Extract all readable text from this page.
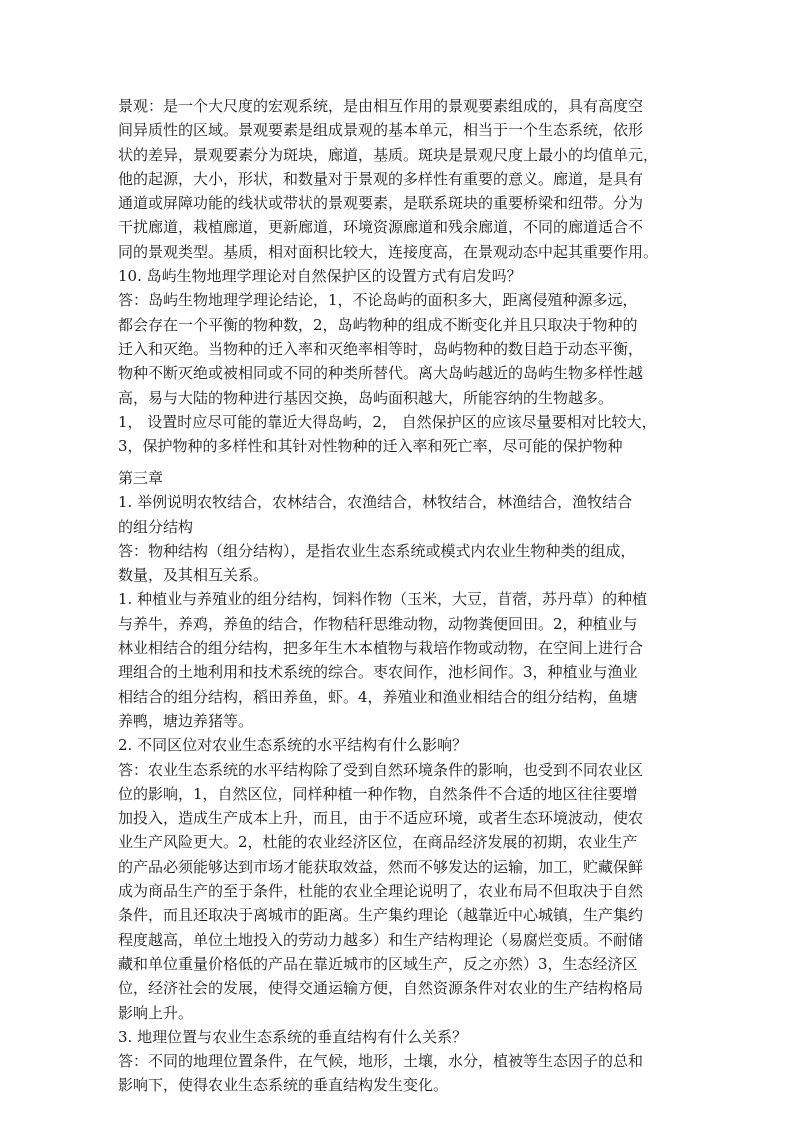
景观：是一个大尺度的宏观系统，是由相互作用的景观要素组成的，具有高度空
间异质性的区域。景观要素是组成景观的基本单元，相当于一个生态系统，依形
状的差异，景观要素分为斑块，廊道，基质。斑块是景观尺度上最小的均值单元，
他的起源，大小，形状，和数量对于景观的多样性有重要的意义。廊道，是具有
通道或屏障功能的线状或带状的景观要素，是联系斑块的重要桥梁和纽带。分为
干扰廊道，栽植廊道，更新廊道，环境资源廊道和残余廊道，不同的廊道适合不
同的景观类型。基质，相对面积比较大，连接度高，在景观动态中起其重要作用。
10. 岛屿生物地理学理论对自然保护区的设置方式有启发吗？
答：岛屿生物地理学理论结论，1，不论岛屿的面积多大，距离侵殖种源多远，
都会存在一个平衡的物种数，2，岛屿物种的组成不断变化并且只取决于物种的
迁入和灭绝。当物种的迁入率和灭绝率相等时，岛屿物种的数目趋于动态平衡，
物种不断灭绝或被相同或不同的种类所替代。离大岛屿越近的岛屿生物多样性越
高，易与大陆的物种进行基因交换，岛屿面积越大，所能容纳的生物越多。
1， 设置时应尽可能的靠近大得岛屿，2， 自然保护区的应该尽量要相对比较大，
3，保护物种的多样性和其针对性物种的迁入率和死亡率，尽可能的保护物种
第三章
1. 举例说明农牧结合，农林结合，农渔结合，林牧结合，林渔结合，渔牧结合
的组分结构
答：物种结构（组分结构），是指农业生态系统或模式内农业生物种类的组成，
数量，及其相互关系。
1. 种植业与养殖业的组分结构，饲料作物（玉米，大豆，苜蓿，苏丹草）的种植
与养牛，养鸡，养鱼的结合，作物秸秆思维动物，动物粪便回田。2，种植业与
林业相结合的组分结构，把多年生木本植物与栽培作物或动物，在空间上进行合
理组合的土地利用和技术系统的综合。枣农间作，池杉间作。3，种植业与渔业
相结合的组分结构，稻田养鱼，虾。4，养殖业和渔业相结合的组分结构，鱼塘
养鸭，塘边养猪等。
2. 不同区位对农业生态系统的水平结构有什么影响？
答：农业生态系统的水平结构除了受到自然环境条件的影响，也受到不同农业区
位的影响，1，自然区位，同样种植一种作物，自然条件不合适的地区往往要增
加投入，造成生产成本上升，而且，由于不适应环境，或者生态环境波动，使农
业生产风险更大。2，杜能的农业经济区位，在商品经济发展的初期，农业生产
的产品必须能够达到市场才能获取效益，然而不够发达的运输，加工，贮藏保鲜
成为商品生产的至于条件，杜能的农业全理论说明了，农业布局不但取决于自然
条件，而且还取决于离城市的距离。生产集约理论（越靠近中心城镇，生产集约
程度越高，单位土地投入的劳动力越多）和生产结构理论（易腐烂变质。不耐储
藏和单位重量价格低的产品在靠近城市的区域生产，反之亦然）3，生态经济区
位，经济社会的发展，使得交通运输方便，自然资源条件对农业的生产结构格局
影响上升。
3. 地理位置与农业生态系统的垂直结构有什么关系？
答：不同的地理位置条件，在气候，地形，土壤，水分，植被等生态因子的总和
影响下，使得农业生态系统的垂直结构发生变化。
